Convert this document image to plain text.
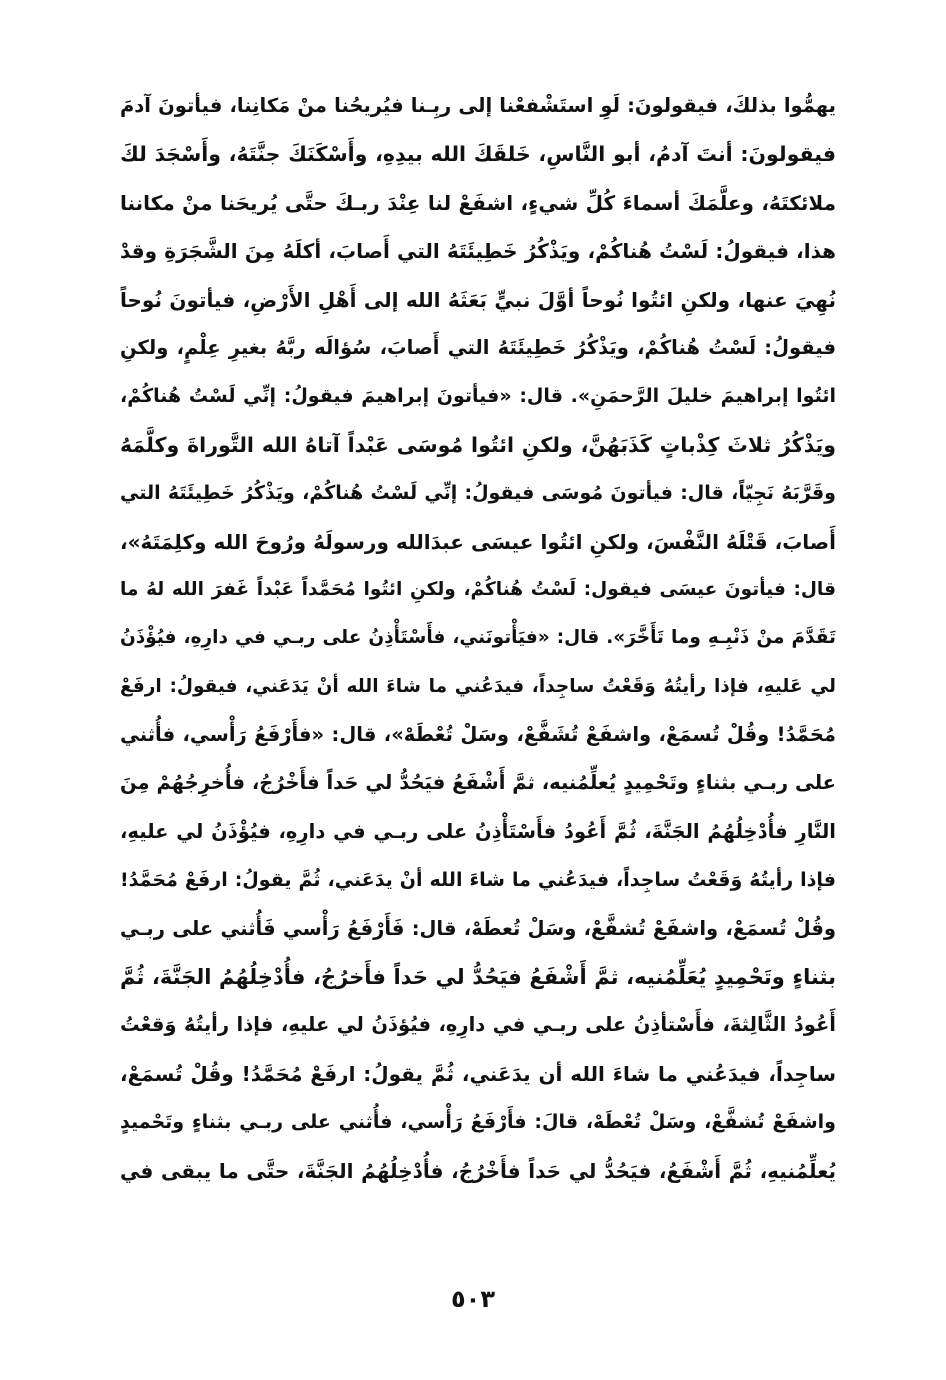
يهمُّوا بذلكَ، فيقولونَ: لَوِ استَشْفعْنا إلى ربِـنا فيُريحُنا منْ مَكانِنا، فيأتونَ آدمَ
فيقولونَ: أنتَ آدمُ، أبو النَّاسِ، خَلقَكَ الله بيدِهِ، وأَسْكَنَكَ جنَّتَهُ، وأَسْجَدَ لكَ
ملائكتَهُ، وعلَّمَكَ أسماءَ كُلِّ شيءٍ، اشفَعْ لنا عِنْدَ ربـكَ حتَّى يُريحَنا منْ مكاننا
هذا، فيقولُ: لَسْتُ هُناكُمْ، ويَذْكُرُ خَطِيئَتَهُ التي أَصابَ، أكلَهُ مِنَ الشَّجَرَةِ وقدْ
نُهِيَ عنها، ولكنِ ائتُوا نُوحاً أوَّلَ نبيٍّ بَعَثَهُ الله إلى أَهْلِ الأَرْضِ، فيأتونَ نُوحاً
فيقولُ: لَسْتُ هُناكُمْ، ويَذْكُرُ خَطِيئَتَهُ التي أَصابَ، سُؤالَه ربَّهُ بغيرِ عِلْمٍ، ولكنِ
ائتُوا إبراهيمَ خليلَ الرَّحمَنِ». قال: «فيأتونَ إبراهيمَ فيقولُ: إنِّي لَسْتُ هُناكُمْ،
ويَذْكُرُ ثلاثَ كِذْباتٍ كَذَبَهُنَّ، ولكنِ ائتُوا مُوسَى عَبْداً آتاهُ الله التَّوراةَ وكلَّمَهُ
وقَرَّبَهُ نَجِيّاً، قال: فيأتونَ مُوسَى فيقولُ: إنِّي لَسْتُ هُناكُمْ، ويَذْكُرُ خَطِيئَتَهُ التي
أَصابَ، قَتْلَهُ النَّفْسَ، ولكنِ ائتُوا عيسَى عبدَالله ورسولَهُ ورُوحَ الله وكلِمَتَهُ»،
قال: فيأتونَ عيسَى فيقول: لَسْتُ هُناكُمْ، ولكنِ ائتُوا مُحَمَّداً عَبْداً غَفرَ الله لهُ ما
تَقَدَّمَ منْ ذَنْبِـهِ وما تَأَخَّرَ». قال: «فيَأْتونَني، فأَسْتَأْذِنُ على ربـي في دارِهِ، فيُؤْذَنُ
لي عَليهِ، فإذا رأيتُهُ وَقَعْتُ ساجِداً، فيدَعُني ما شاءَ الله أنْ يَدَعَني، فيقولُ: ارفَعْ
مُحَمَّدُ! وقُلْ تُسمَعْ، واشفَعْ تُشَفَّعْ، وسَلْ تُعْطَهْ»، قال: «فأَرْفَعُ رَأْسي، فأُثني
على ربـي بثناءٍ وتَحْمِيدٍ يُعلِّمُنيه، ثمَّ أَشْفَعُ فيَحُدُّ لي حَداً فأَخْرُجُ، فأُخرِجُهُمْ مِنَ
النَّارِ فأُدْخِلُهُمُ الجَنَّةَ، ثُمَّ أَعُودُ فأَسْتَأْذِنُ على ربـي في دارِهِ، فيُؤْذَنُ لي عليهِ،
فإذا رأيتُهُ وَقَعْتُ ساجِداً، فيدَعُني ما شاءَ الله أنْ يدَعَني، ثُمَّ يقولُ: ارفَعْ مُحَمَّدُ!
وقُلْ تُسمَعْ، واشفَعْ تُشفَّعْ، وسَلْ تُعطَهْ، قال: فَأَرْفَعُ رَأْسي فَأُثني على ربـي
بثناءٍ وتَحْمِيدٍ يُعَلِّمُنيه، ثمَّ أَشْفَعُ فيَحُدُّ لي حَداً فأَخرُجُ، فأُدْخِلُهُمُ الجَنَّةَ، ثُمَّ
أَعُودُ الثَّالِثةَ، فأَسْتأذِنُ على ربـي في دارِهِ، فيُؤذَنُ لي عليهِ، فإذا رأيتُهُ وَقعْتُ
ساجِداً، فيدَعُني ما شاءَ الله أن يدَعَني، ثُمَّ يقولُ: ارفَعْ مُحَمَّدُ! وقُلْ تُسمَعْ،
واشفَعْ تُشفَّعْ، وسَلْ تُعْطَهْ، قالَ: فأَرْفَعُ رَأْسي، فأُثني على ربـي بثناءٍ وتَحْميدٍ
يُعلِّمُنيهِ، ثُمَّ أَشْفَعُ، فيَحُدُّ لي حَداً فأَخْرُجُ، فأُدْخِلُهُمُ الجَنَّةَ، حتَّى ما يبقى في
٥٠٣
